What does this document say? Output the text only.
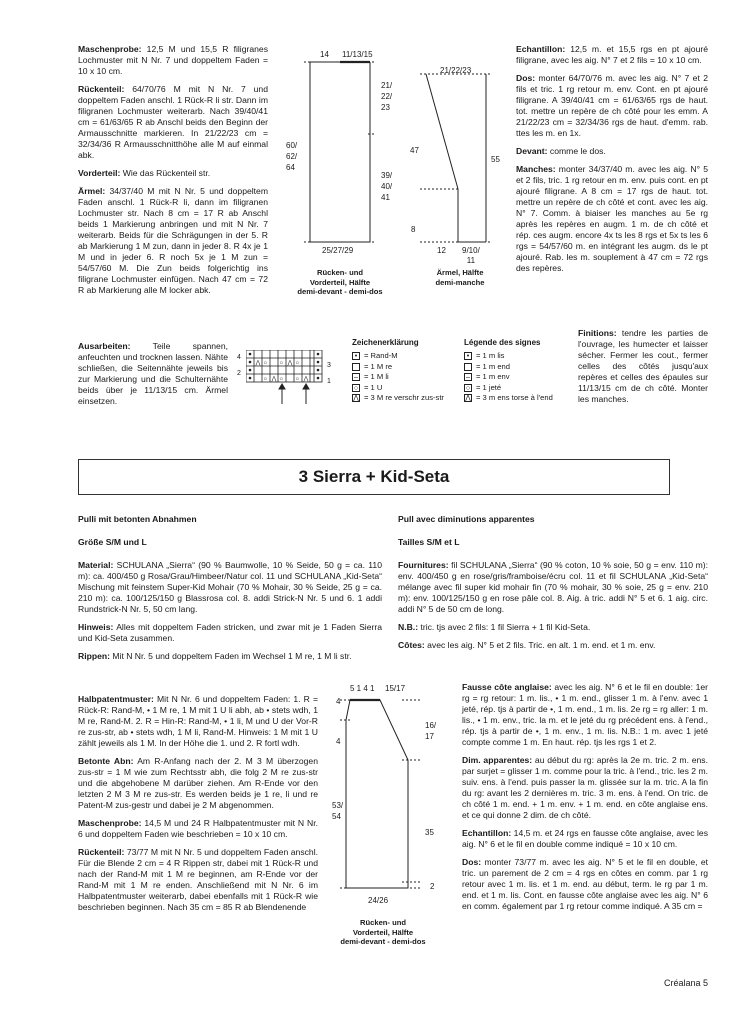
Maschenprobe: 12,5 M und 15,5 R filigranes Lochmuster mit N Nr. 7 und doppeltem Faden = 10 x 10 cm.

Rückenteil: 64/70/76 M mit N Nr. 7 und doppeltem Faden anschl. 1 Rück-R li str. Dann im filigranen Lochmuster weiterarb. Nach 39/40/41 cm = 61/63/65 R ab Anschl beids den Beginn der Armausschnitte markieren. In 21/22/23 cm = 32/34/36 R Armausschnitthöhe alle M auf einmal abk.

Vorderteil: Wie das Rückenteil str.

Ärmel: 34/37/40 M mit N Nr. 5 und doppeltem Faden anschl. 1 Rück-R li, dann im filigranen Lochmuster str. Nach 8 cm = 17 R ab Anschl beids 1 Markierung anbringen und mit N Nr. 7 weiterarb. Beids für die Schrägungen in der 5. R ab Markierung 1 M zun, dann in jeder 8. R 4x je 1 M und in jeder 6. R noch 5x je 1 M zun = 54/57/60 M. Die Zun beids folgerichtig ins filigrane Lochmuster einfügen. Nach 47 cm = 72 R ab Markierung alle M locker abk.

Ausarbeiten: Teile spannen, anfeuchten und trocknen lassen. Nähte schließen, die Seitennähte jeweils bis zur Markierung und die Schulternähte beids über je 11/13/15 cm. Ärmel einsetzen.

Echantillon: 12,5 m. et 15,5 rgs en pt ajouré filigrane, avec les aig. N° 7 et 2 fils = 10 x 10 cm.

Dos: monter 64/70/76 m. avec les aig. N° 7 et 2 fils et tric. 1 rg retour m. env. Cont. en pt ajouré filigrane. A 39/40/41 cm = 61/63/65 rgs de haut. tot. mettre un repère de ch côté pour les emm. A 21/22/23 cm = 32/34/36 rgs de haut. d'emm. rab. ttes les m. en 1x.

Devant: comme le dos.

Manches: monter 34/37/40 m. avec les aig. N° 5 et 2 fils, tric. 1 rg retour en m. env. puis cont. en pt ajouré filigrane. A 8 cm = 17 rgs de haut. tot. mettre un repère de ch côté et cont. avec les aig. N° 7. Comm. à biaiser les manches au 5e rg après les repères en augm. 1 m. de ch côté et rép. ces augm. encore 4x ts les 8 rgs et 5x ts les 6 rgs = 54/57/60 m. en intégrant les augm. ds le pt ajouré. Rab. les m. souplement à 47 cm = 72 rgs des repères.

Finitions: tendre les parties de l'ouvrage, les humecter et laisser sécher. Fermer les cout., fermer celles des côtés jusqu'aux repères et celles des épaules sur 11/13/15 cm de ch côté. Monter les manches.

14 11/13/15
21/
22/
23
39/
40/
41
60/
62/
64
25/27/29
Rücken- und
Vorderteil, Hälfte
demi-devant - demi-dos
21/22/23
47
55
8
12 9/10/
11
Ärmel, Hälfte
demi-manche
○ ○ ○
○ ○ ○
⋀	⋀
⋀	⋀
4
2
3
1
Zeichenerklärung
• = Rand-M
= 1 M re
– = 1 M li
○ = 1 U
⋀ = 3 M re verschr zus-str
Légende des signes
• = 1 m lis
= 1 m end
– = 1 m env
○ = 1 jeté
⋀ = 3 m ens torse à l'end
3 Sierra + Kid-Seta
Pulli mit betonten Abnahmen
Größe S/M und L
Pull avec diminutions apparentes
Tailles S/M et L

Material: SCHULANA „Sierra“ (90 % Baumwolle, 10 % Seide, 50 g = ca. 110 m): ca. 400/450 g Rosa/Grau/Himbeer/Natur col. 11 und SCHULANA „Kid-Seta“ Mischung mit feinstem Super-Kid Mohair (70 % Mohair, 30 % Seide, 25 g = ca. 210 m): ca. 100/125/150 g Blassrosa col. 8. addi Strick-N Nr. 5 und 6. 1 addi Rundstrick-N Nr. 5, 50 cm lang.

Hinweis: Alles mit doppeltem Faden stricken, und zwar mit je 1 Faden Sierra und Kid-Seta zusammen.

Rippen: Mit N Nr. 5 und doppeltem Faden im Wechsel 1 M re, 1 M li str.

Halbpatentmuster: Mit N Nr. 6 und doppeltem Faden: 1. R = Rück-R: Rand-M, • 1 M re, 1 M mit 1 U li abh, ab • stets wdh, 1 M re, Rand-M. 2. R = Hin-R: Rand-M, • 1 li, M und U der Vor-R re zus-str, ab • stets wdh, 1 M li, Rand-M. Hinweis: 1 M mit 1 U zählt jeweils als 1 M. In der Höhe die 1. und 2. R fortl wdh.

Betonte Abn: Am R-Anfang nach der 2. M 3 M überzogen zus-str = 1 M wie zum Rechtsstr abh, die folg 2 M re zus-str und die abgehobene M darüber ziehen. Am R-Ende vor den letzten 2 M 3 M re zus-str. Es werden beids je 1 re, li und re Patent-M zus-gestr und dabei je 2 M abgenommen.

Maschenprobe: 14,5 M und 24 R Halbpatentmuster mit N Nr. 6 und doppeltem Faden wie beschrieben = 10 x 10 cm.

Rückenteil: 73/77 M mit N Nr. 5 und doppeltem Faden anschl. Für die Blende 2 cm = 4 R Rippen str, dabei mit 1 Rück-R und nach der Rand-M mit 1 M re beginnen, am R-Ende vor der Rand-M mit 1 M re enden. Anschließend mit N Nr. 6 im Halbpatentmuster weiterarb, dabei ebenfalls mit 1 Rück-R wie beschrieben beginnen. Nach 35 cm = 85 R ab Blendenende

5 1 4 1 15/17
4
16/
17
4
53/
54
35
24/26
2
Rücken- und
Vorderteil, Hälfte
demi-devant - demi-dos

Fournitures: fil SCHULANA „Sierra“ (90 % coton, 10 % soie, 50 g = env. 110 m): env. 400/450 g en rose/gris/framboise/écru col. 11 et fil SCHULANA „Kid-Seta“ mélange avec fil super kid mohair fin (70 % mohair, 30 % soie, 25 g = env. 210 m): env. 100/125/150 g en rose pâle col. 8. Aig. à tric. addi N° 5 et 6. 1 aig. circ. addi N° 5 de 50 cm de long.

N.B.: tric. tjs avec 2 fils: 1 fil Sierra + 1 fil Kid-Seta.

Côtes: avec les aig. N° 5 et 2 fils. Tric. en alt. 1 m. end. et 1 m. env.

Fausse côte anglaise: avec les aig. N° 6 et le fil en double: 1er rg = rg retour: 1 m. lis., • 1 m. end., glisser 1 m. à l'env. avec 1 jeté, rép. tjs à partir de •, 1 m. end., 1 m. lis. 2e rg = rg aller: 1 m. lis., • 1 m. env., tric. la m. et le jeté du rg précédent ens. à l'end., rép. tjs à partir de •, 1 m. env., 1 m. lis. N.B.: 1 m. avec 1 jeté compte comme 1 m. En haut. rép. tjs les rgs 1 et 2.

Dim. apparentes: au début du rg: après la 2e m. tric. 2 m. ens. par surjet = glisser 1 m. comme pour la tric. à l'end., tric. les 2 m. suiv. ens. à l'end. puis passer la m. glissée sur la m. tric. A la fin du rg: avant les 2 dernières m. tric. 3 m. ens. à l'end. On tric. de ch côté 1 m. end. + 1 m. env. + 1 m. end. en côte anglaise ens. et ce qui donne 2 dim. de ch côté.

Echantillon: 14,5 m. et 24 rgs en fausse côte anglaise, avec les aig. N° 6 et le fil en double comme indiqué = 10 x 10 cm.

Dos: monter 73/77 m. avec les aig. N° 5 et le fil en double, et tric. un parement de 2 cm = 4 rgs en côtes en comm. par 1 rg retour avec 1 m. lis. et 1 m. end. au début, term. le rg par 1 m. end. et 1 m. lis. Cont. en fausse côte anglaise avec les aig. N° 6 en comm. également par 1 rg retour comme indiqué. A 35 cm =

Créalana 5
